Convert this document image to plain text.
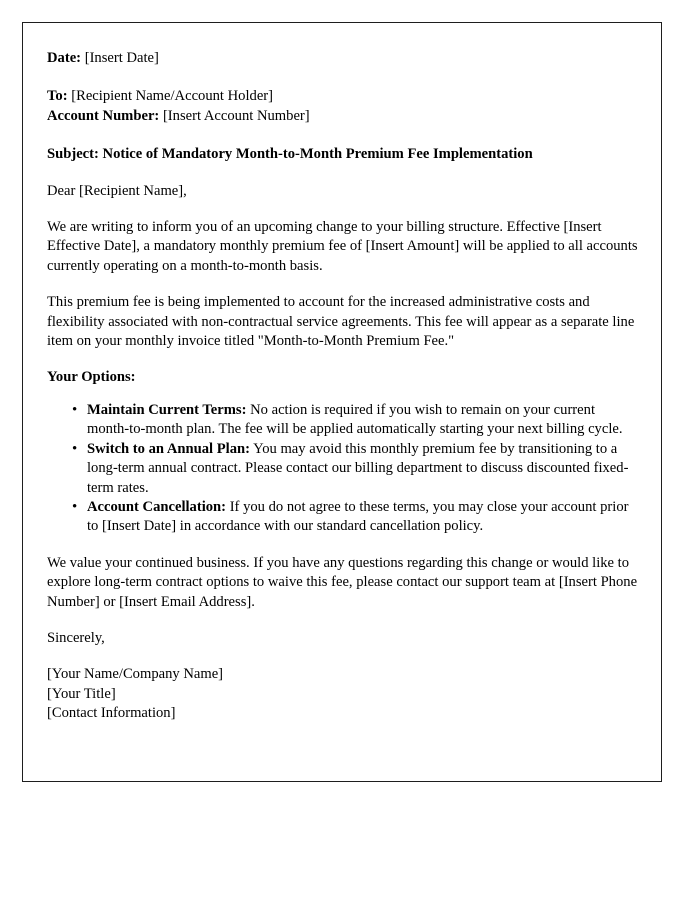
Date: [Insert Date]
To: [Recipient Name/Account Holder]
Account Number: [Insert Account Number]
Subject: Notice of Mandatory Month-to-Month Premium Fee Implementation
Dear [Recipient Name],
We are writing to inform you of an upcoming change to your billing structure. Effective [Insert Effective Date], a mandatory monthly premium fee of [Insert Amount] will be applied to all accounts currently operating on a month-to-month basis.
This premium fee is being implemented to account for the increased administrative costs and flexibility associated with non-contractual service agreements. This fee will appear as a separate line item on your monthly invoice titled "Month-to-Month Premium Fee."
Your Options:
• Maintain Current Terms: No action is required if you wish to remain on your current month-to-month plan. The fee will be applied automatically starting your next billing cycle.
• Switch to an Annual Plan: You may avoid this monthly premium fee by transitioning to a long-term annual contract. Please contact our billing department to discuss discounted fixed-term rates.
• Account Cancellation: If you do not agree to these terms, you may close your account prior to [Insert Date] in accordance with our standard cancellation policy.
We value your continued business. If you have any questions regarding this change or would like to explore long-term contract options to waive this fee, please contact our support team at [Insert Phone Number] or [Insert Email Address].
Sincerely,
[Your Name/Company Name]
[Your Title]
[Contact Information]
